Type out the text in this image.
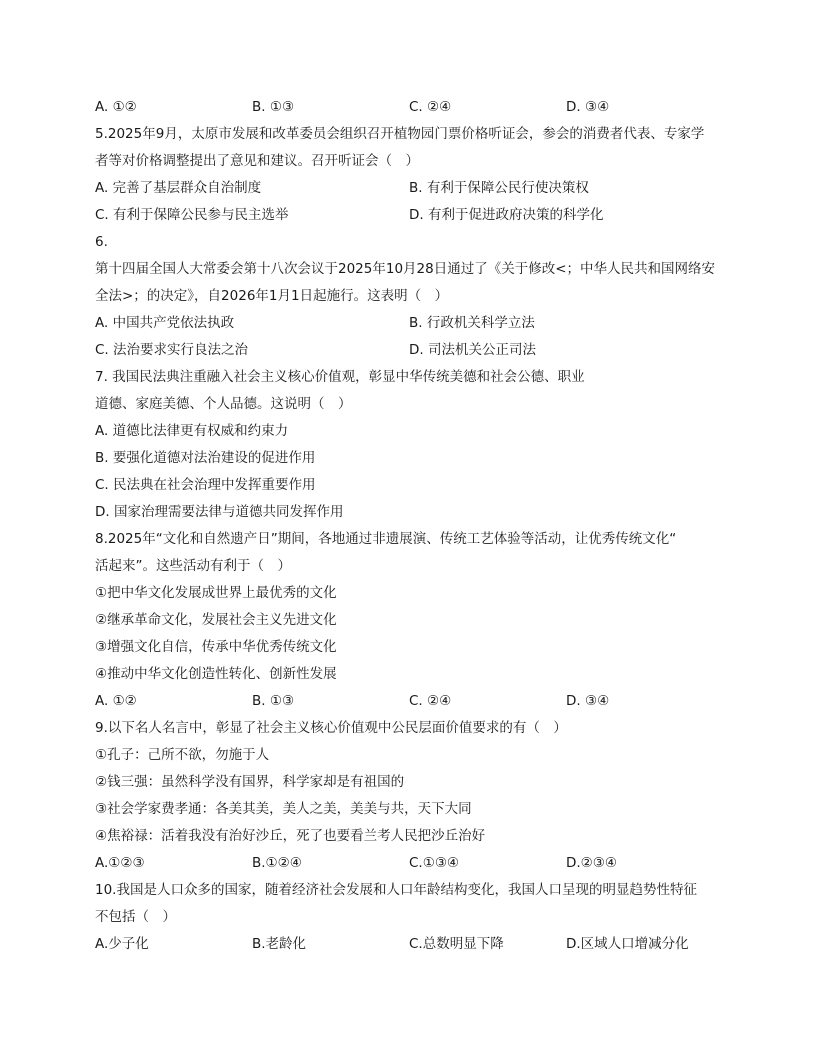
A. ①②	B. ①③	C. ②④	D. ③④
5.2025年9月，太原市发展和改革委员会组织召开植物园门票价格听证会，参会的消费者代表、专家学
者等对价格调整提出了意见和建议。召开听证会（　）
A. 完善了基层群众自治制度	B. 有利于保障公民行使决策权
C. 有利于保障公民参与民主选举	D. 有利于促进政府决策的科学化
6.
第十四届全国人大常委会第十八次会议于2025年10月28日通过了《关于修改<；中华人民共和国网络安
全法>；的决定》，自2026年1月1日起施行。这表明（　）
A. 中国共产党依法执政	B. 行政机关科学立法
C. 法治要求实行良法之治	D. 司法机关公正司法
7. 我国民法典注重融入社会主义核心价值观，彰显中华传统美德和社会公德、职业
道德、家庭美德、个人品德。这说明（　）
A. 道德比法律更有权威和约束力
B. 要强化道德对法治建设的促进作用
C. 民法典在社会治理中发挥重要作用
D. 国家治理需要法律与道德共同发挥作用
8.2025年“文化和自然遗产日”期间，各地通过非遗展演、传统工艺体验等活动，让优秀传统文化“
活起来”。这些活动有利于（　）
①把中华文化发展成世界上最优秀的文化
②继承革命文化，发展社会主义先进文化
③增强文化自信，传承中华优秀传统文化
④推动中华文化创造性转化、创新性发展
A. ①②	B. ①③	C. ②④	D. ③④
9.以下名人名言中，彰显了社会主义核心价值观中公民层面价值要求的有（　）
①孔子：己所不欲，勿施于人
②钱三强：虽然科学没有国界，科学家却是有祖国的
③社会学家费孝通：各美其美，美人之美，美美与共，天下大同
④焦裕禄：活着我没有治好沙丘，死了也要看兰考人民把沙丘治好
A.①②③	B.①②④	C.①③④	D.②③④
10.我国是人口众多的国家，随着经济社会发展和人口年龄结构变化，我国人口呈现的明显趋势性特征
不包括（　）
A.少子化	B.老龄化	C.总数明显下降	D.区域人口增减分化
